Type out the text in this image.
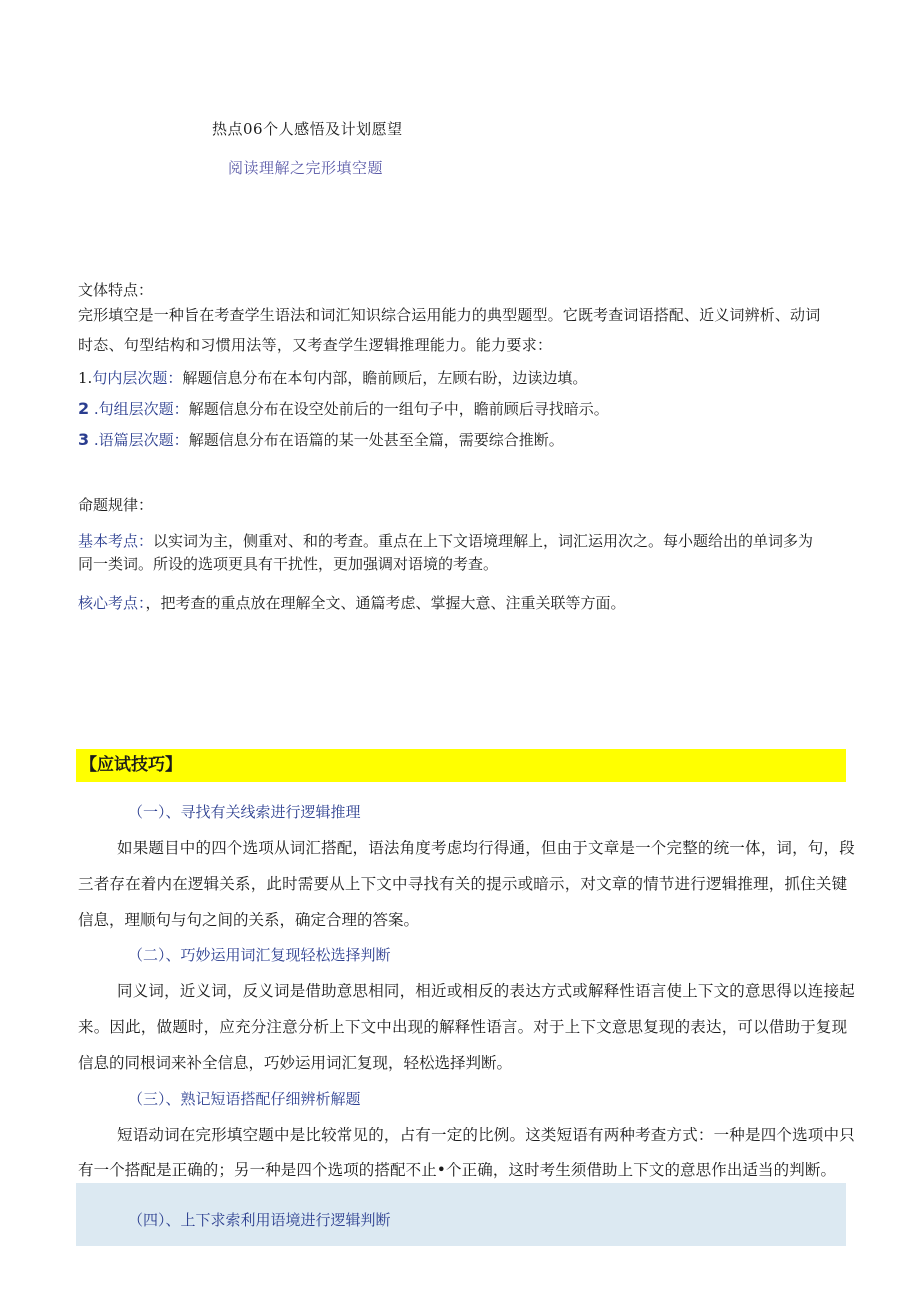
热点06个人感悟及计划愿望
阅读理解之完形填空题
文体特点：
完形填空是一种旨在考查学生语法和词汇知识综合运用能力的典型题型。它既考查词语搭配、近义词辨析、动词
时态、句型结构和习惯用法等，又考查学生逻辑推理能力。能力要求：
1.句内层次题：解题信息分布在本句内部，瞻前顾后，左顾右盼，边读边填。
2 .句组层次题：解题信息分布在设空处前后的一组句子中，瞻前顾后寻找暗示。
3 .语篇层次题：解题信息分布在语篇的某一处甚至全篇，需要综合推断。
命题规律：
基本考点：以实词为主，侧重对、和的考查。重点在上下文语境理解上，词汇运用次之。每小题给出的单词多为
同一类词。所设的选项更具有干扰性，更加强调对语境的考查。
核心考点：，把考查的重点放在理解全文、通篇考虑、掌握大意、注重关联等方面。
【应试技巧】
（一）、寻找有关线索进行逻辑推理
如果题目中的四个选项从词汇搭配，语法角度考虑均行得通，但由于文章是一个完整的统一体，词，句，段
三者存在着内在逻辑关系，此时需要从上下文中寻找有关的提示或暗示，对文章的情节进行逻辑推理，抓住关键
信息，理顺句与句之间的关系，确定合理的答案。
（二）、巧妙运用词汇复现轻松选择判断
同义词，近义词，反义词是借助意思相同，相近或相反的表达方式或解释性语言使上下文的意思得以连接起
来。因此，做题时，应充分注意分析上下文中出现的解释性语言。对于上下文意思复现的表达，可以借助于复现
信息的同根词来补全信息，巧妙运用词汇复现，轻松选择判断。
（三）、熟记短语搭配仔细辨析解题
短语动词在完形填空题中是比较常见的，占有一定的比例。这类短语有两种考查方式：一种是四个选项中只
有一个搭配是正确的；另一种是四个选项的搭配不止•个正确，这时考生须借助上下文的意思作出适当的判断。
（四）、上下求索利用语境进行逻辑判断
